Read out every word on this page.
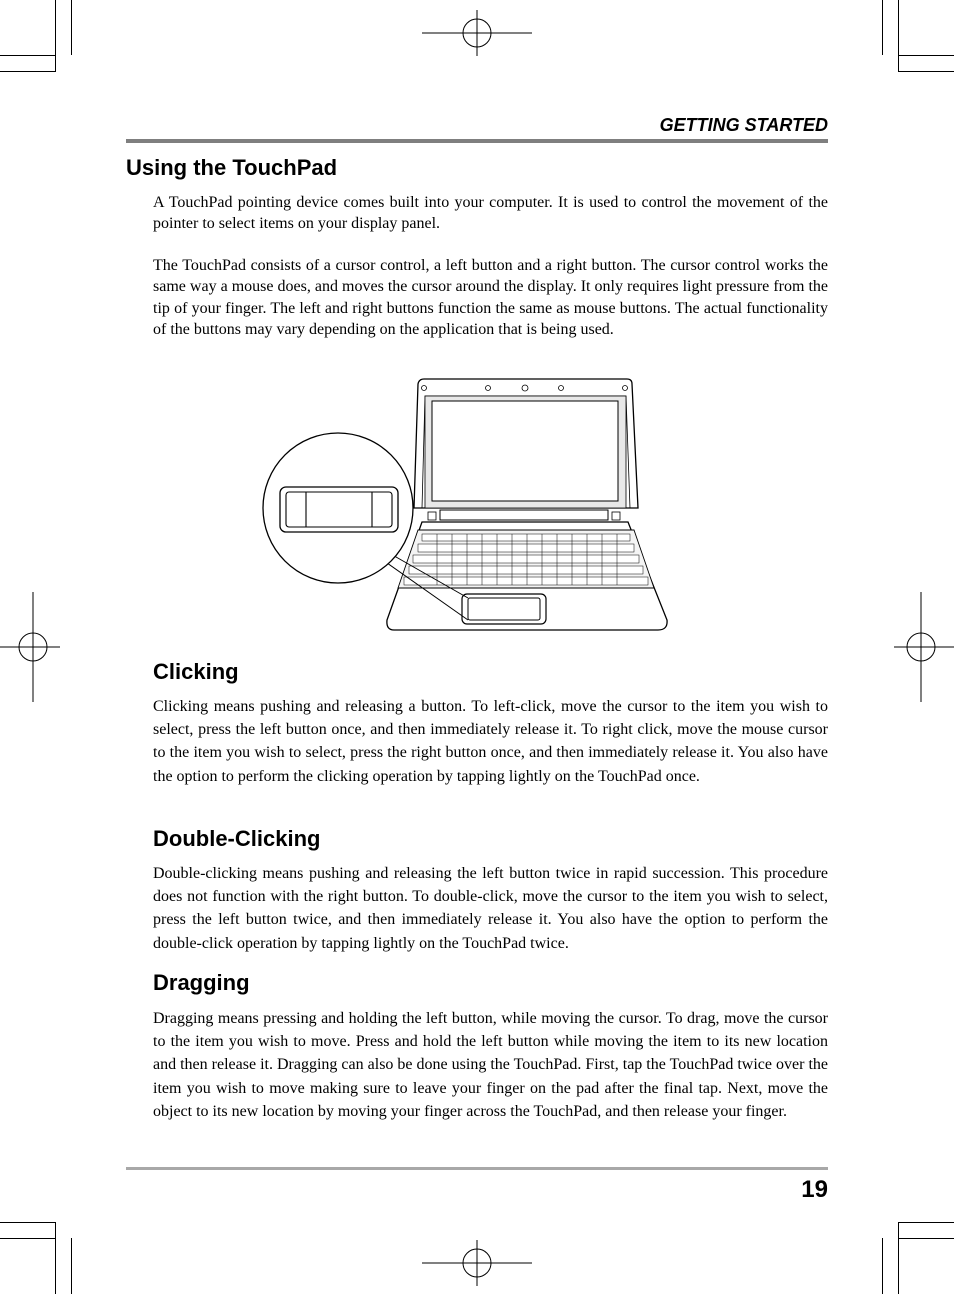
GETTING STARTED
Using the TouchPad

A TouchPad pointing device comes built into your computer. It is used to control the movement of the pointer to select items on your display panel.

The TouchPad consists of a cursor control, a left button and a right button. The cursor control works the same way a mouse does, and moves the cursor around the display. It only requires light pressure from the tip of your finger. The left and right buttons function the same as mouse buttons. The actual functionality of the buttons may vary depending on the application that is being used.

Clicking

Clicking means pushing and releasing a button. To left-click, move the cursor to the item you wish to select, press the left button once, and then immediately release it. To right click, move the mouse cursor to the item you wish to select, press the right button once, and then immediately release it. You also have the option to perform the clicking operation by tapping lightly on the TouchPad once.

Double-Clicking

Double-clicking means pushing and releasing the left button twice in rapid succession. This procedure does not function with the right button. To double-click, move the cursor to the item you wish to select, press the left button twice, and then immediately release it. You also have the option to perform the double-click operation by tapping lightly on the TouchPad twice.

Dragging

Dragging means pressing and holding the left button, while moving the cursor. To drag, move the cursor to the item you wish to move. Press and hold the left button while moving the item to its new location and then release it. Dragging can also be done using the TouchPad. First, tap the TouchPad twice over the item you wish to move making sure to leave your finger on the pad after the final tap. Next, move the object to its new location by moving your finger across the TouchPad, and then release your finger.

19
